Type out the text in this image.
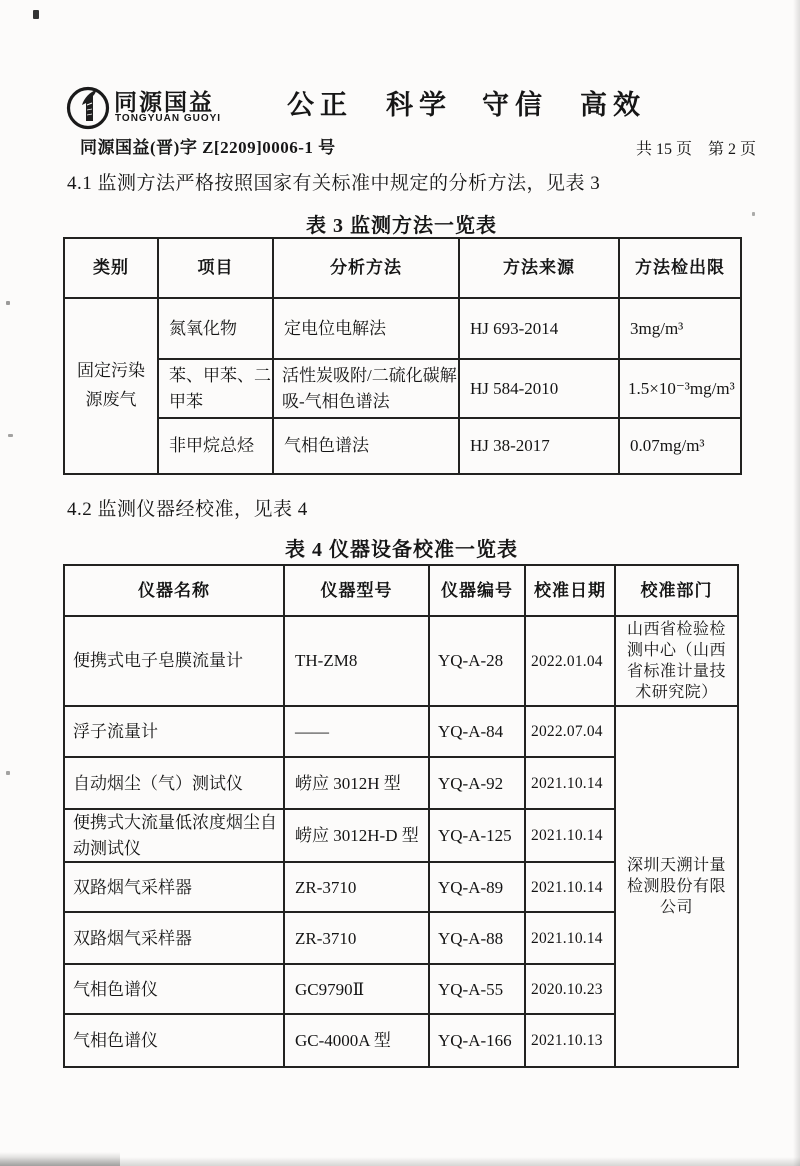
同源国益
TONGYUAN GUOYI 公正 科学 守信 高效
同源国益(晋)字 Z[2209]0006-1 号	共 15 页　第 2 页

4.1 监测方法严格按照国家有关标准中规定的分析方法，见表 3

表 3 监测方法一览表

类别	项目	分析方法	方法来源	方法检出限
固定污染源废气	氮氧化物	定电位电解法	HJ 693-2014	3mg/m³
	苯、甲苯、二甲苯	活性炭吸附/二硫化碳解吸-气相色谱法	HJ 584-2010	1.5×10⁻³mg/m³
	非甲烷总烃	气相色谱法	HJ 38-2017	0.07mg/m³

4.2 监测仪器经校准，见表 4

表 4 仪器设备校准一览表

仪器名称	仪器型号	仪器编号	校准日期	校准部门
便携式电子皂膜流量计	TH-ZM8	YQ-A-28	2022.01.04	山西省检验检测中心（山西省标准计量技术研究院）
浮子流量计	——	YQ-A-84	2022.07.04	深圳天溯计量检测股份有限公司
自动烟尘（气）测试仪	崂应 3012H 型	YQ-A-92	2021.10.14	
便携式大流量低浓度烟尘自动测试仪	崂应 3012H-D 型	YQ-A-125	2021.10.14	
双路烟气采样器	ZR-3710	YQ-A-89	2021.10.14	
双路烟气采样器	ZR-3710	YQ-A-88	2021.10.14	
气相色谱仪	GC9790Ⅱ	YQ-A-55	2020.10.23	
气相色谱仪	GC-4000A 型	YQ-A-166	2021.10.13	
